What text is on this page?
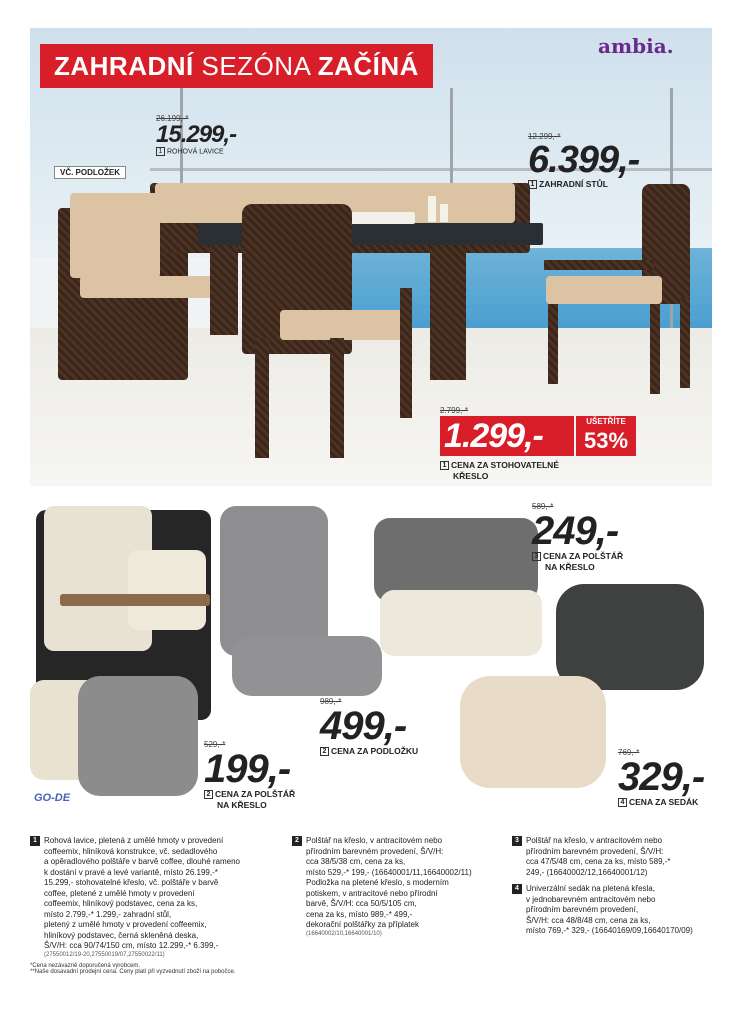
ZAHRADNÍ SEZÓNA ZAČÍNÁ
ambia.
VČ. PODLOŽEK
26.199,-*
15.299,-
1 ROHOVÁ LAVICE
12.299,-*
6.399,-
1 ZAHRADNÍ STŮL
2.799,-*
1.299,-	UŠETŘÍTE
53%
1 CENA ZA STOHOVATELNÉ
KŘESLO
GO-DE
529,-*
199,-
2 CENA ZA POLŠTÁŘ
NA KŘESLO
989,-*
499,-
2 CENA ZA PODLOŽKU
589,-*
249,-
3 CENA ZA POLŠTÁŘ
NA KŘESLO
769,-*
329,-
4 CENA ZA SEDÁK
1 Rohová lavice, pletená z umělé hmoty v provedení
coffeemix, hliníková konstrukce, vč. sedadlového
a opěradlového polštáře v barvě coffee, dlouhé rameno
k dostání v pravé a levé variantě, místo 26.199,-*
15.299,- stohovatelné křeslo, vč. polštáře v barvě
coffee, pletené z umělé hmoty v provedení
coffeemix, hliníkový podstavec, cena za ks,
místo 2.799,-* 1.299,- zahradní stůl,
pletený z umělé hmoty v provedení coffeemix,
hliníkový podstavec, černá skleněná deska,
Š/V/H: cca 90/74/150 cm, místo 12.299,-* 6.399,-
(27550012/19-20,27550019/07,27550022/11)
*Cena nezávazně doporučená výrobcem.
**Naše dosavadní prodejní cena. Ceny platí při vyzvednutí zboží na pobočce.
2 Polštář na křeslo, v antracitovém nebo
přírodním barevném provedení, Š/V/H:
cca 38/5/38 cm, cena za ks,
místo 529,-* 199,- (16640001/11,16640002/11)
Podložka na pletené křeslo, s moderním
potiskem, v antracitové nebo přírodní
barvě, Š/V/H: cca 50/5/105 cm,
cena za ks, místo 989,-* 499,-
dekorační polštářky za příplatek
(16640002/10,16640001/10)
3 Polštář na křeslo, v antracitovém nebo
přírodním barevném provedení, Š/V/H:
cca 47/5/48 cm, cena za ks, místo 589,-*
249,- (16640002/12,16640001/12)
4 Univerzální sedák na pletená křesla,
v jednobarevném antracitovém nebo
přírodním barevném provedení,
Š/V/H: cca 48/8/48 cm, cena za ks,
místo 769,-* 329,- (16640169/09,16640170/09)
